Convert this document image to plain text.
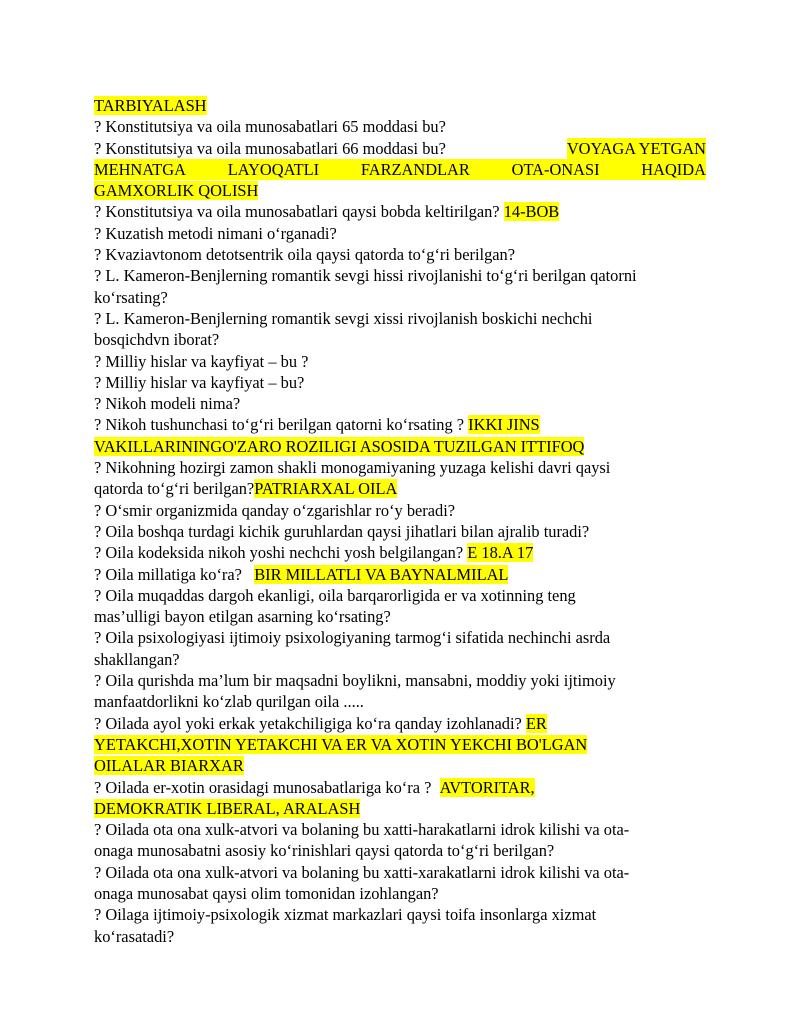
TARBIYALASH
? Konstitutsiya va oila munosabatlari 65 moddasi bu?
? Konstitutsiya va oila munosabatlari 66 moddasi bu?	VOYAGA YETGAN
MEHNATGA	LAYOQATLI	FARZANDLAR	OTA-ONASI	HAQIDA
GAMXORLIK QOLISH
? Konstitutsiya va oila munosabatlari qaysi bobda keltirilgan? 14-BOB
? Kuzatish metodi nimani o‘rganadi?
? Kvaziavtonom detotsentrik oila qaysi qatorda to‘g‘ri berilgan?
? L. Kameron-Benjlerning romantik sevgi hissi rivojlanishi to‘g‘ri berilgan qatorni
ko‘rsating?
? L. Kameron-Benjlerning romantik sevgi xissi rivojlanish boskichi nechchi
bosqichdvn iborat?
? Milliy hislar va kayfiyat – bu ?
? Milliy hislar va kayfiyat – bu?
? Nikoh modeli nima?
? Nikoh tushunchasi to‘g‘ri berilgan qatorni ko‘rsating ? IKKI JINS
VAKILLARININGO'ZARO ROZILIGI ASOSIDA TUZILGAN ITTIFOQ
? Nikohning hozirgi zamon shakli monogamiyaning yuzaga kelishi davri qaysi
qatorda to‘g‘ri berilgan?PATRIARXAL OILA
? O‘smir organizmida qanday o‘zgarishlar ro‘y beradi?
? Oila boshqa turdagi kichik guruhlardan qaysi jihatlari bilan ajralib turadi?
? Oila kodeksida nikoh yoshi nechchi yosh belgilangan? E 18.A 17
? Oila millatiga ko‘ra? BIR MILLATLI VA BAYNALMILAL
? Oila muqaddas dargoh ekanligi, oila barqarorligida er va xotinning teng
mas’ulligi bayon etilgan asarning ko‘rsating?
? Oila psixologiyasi ijtimoiy psixologiyaning tarmog‘i sifatida nechinchi asrda
shakllangan?
? Oila qurishda ma’lum bir maqsadni boylikni, mansabni, moddiy yoki ijtimoiy
manfaatdorlikni ko‘zlab qurilgan oila .....
? Oilada ayol yoki erkak yetakchiligiga ko‘ra qanday izohlanadi? ER
YETAKCHI,XOTIN YETAKCHI VA ER VA XOTIN YEKCHI BO'LGAN
OILALAR BIARXAR
? Oilada er-xotin orasidagi munosabatlariga ko‘ra ? AVTORITAR,
DEMOKRATIK LIBERAL, ARALASH
? Oilada ota ona xulk-atvori va bolaning bu xatti-harakatlarni idrok kilishi va ota-
onaga munosabatni asosiy ko‘rinishlari qaysi qatorda to‘g‘ri berilgan?
? Oilada ota ona xulk-atvori va bolaning bu xatti-xarakatlarni idrok kilishi va ota-
onaga munosabat qaysi olim tomonidan izohlangan?
? Oilaga ijtimoiy-psixologik xizmat markazlari qaysi toifa insonlarga xizmat
ko‘rasatadi?
